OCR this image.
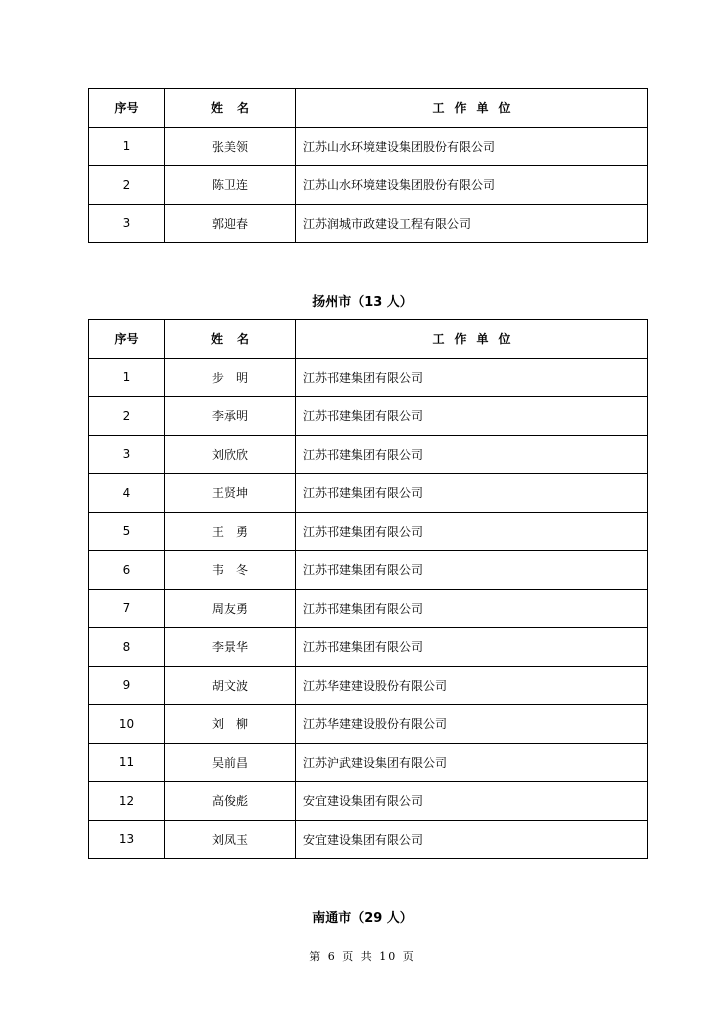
序号	姓名	工作单位
1	张美领	江苏山水环境建设集团股份有限公司
2	陈卫连	江苏山水环境建设集团股份有限公司
3	郭迎春	江苏润城市政建设工程有限公司
扬州市（13 人）
序号	姓名	工作单位
1	步　明	江苏邗建集团有限公司
2	李承明	江苏邗建集团有限公司
3	刘欣欣	江苏邗建集团有限公司
4	王贤坤	江苏邗建集团有限公司
5	王　勇	江苏邗建集团有限公司
6	韦　冬	江苏邗建集团有限公司
7	周友勇	江苏邗建集团有限公司
8	李景华	江苏邗建集团有限公司
9	胡文波	江苏华建建设股份有限公司
10	刘　柳	江苏华建建设股份有限公司
11	吴前昌	江苏沪武建设集团有限公司
12	高俊彪	安宜建设集团有限公司
13	刘凤玉	安宜建设集团有限公司
南通市（29 人）
第 6 页 共 10 页
